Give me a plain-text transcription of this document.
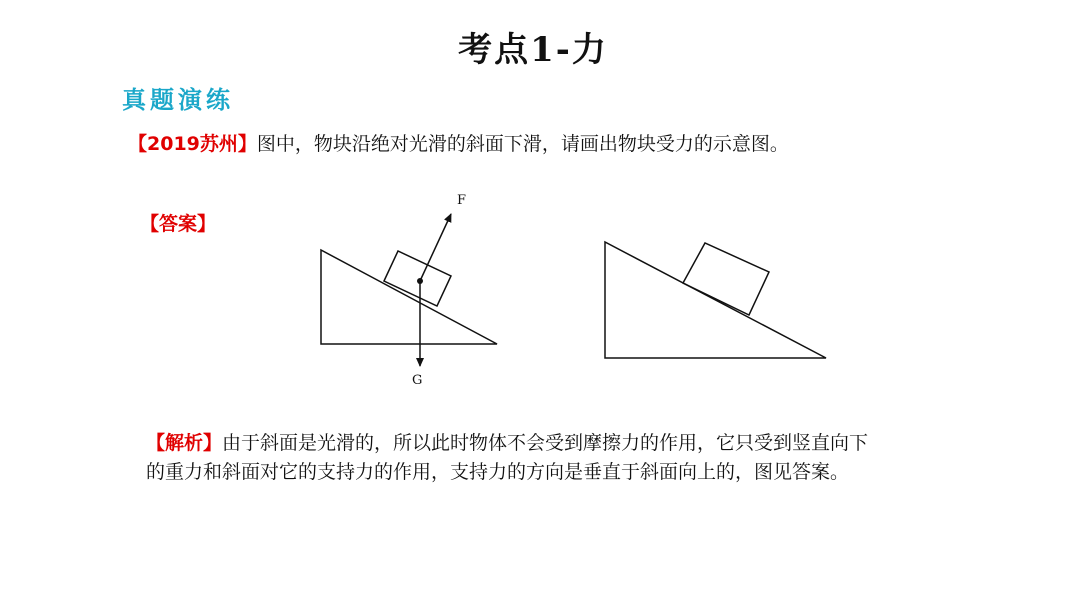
考点1-力
真题演练
【2019苏州】图中，物块沿绝对光滑的斜面下滑，请画出物块受力的示意图。
【答案】
F
G
【解析】由于斜面是光滑的，所以此时物体不会受到摩擦力的作用，它只受到竖直向下的重力和斜面对它的支持力的作用，支持力的方向是垂直于斜面向上的，图见答案。
